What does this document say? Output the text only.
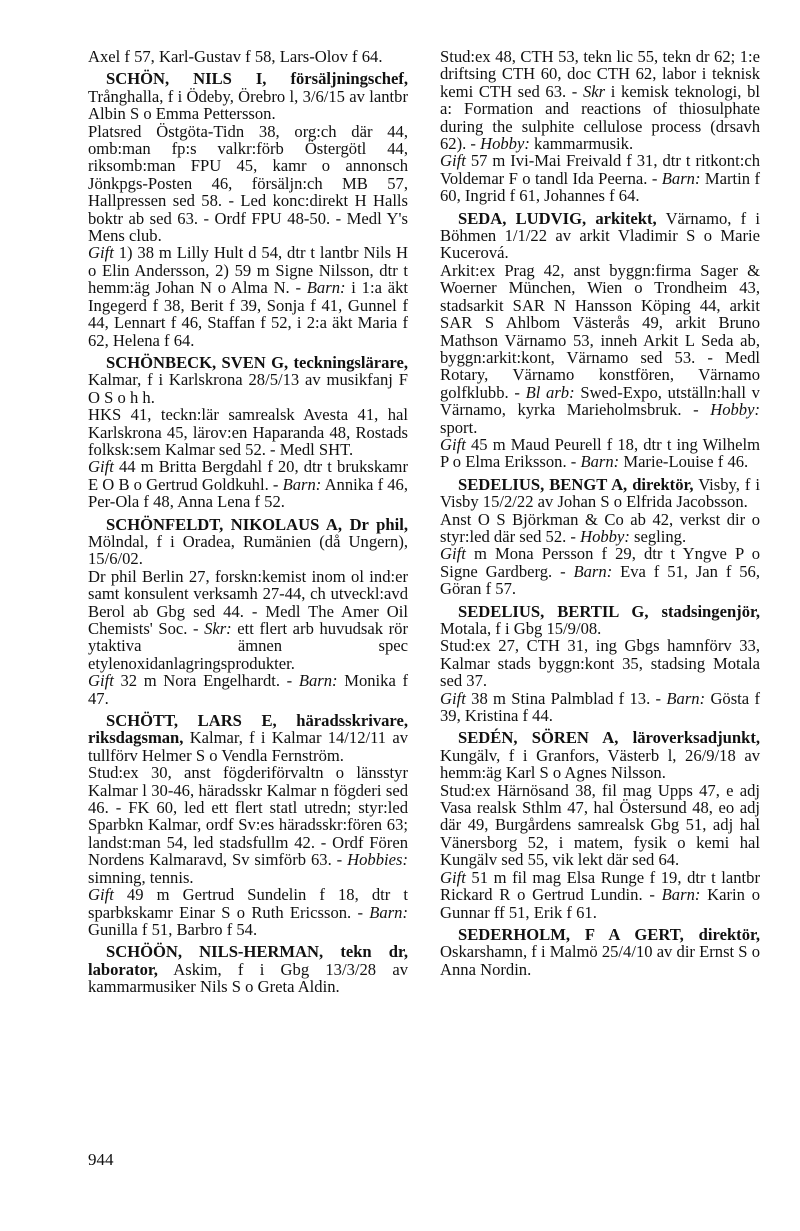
Axel f 57, Karl-Gustav f 58, Lars-Olov f 64.

SCHÖN, NILS I, försäljningschef, Trånghalla, f i Ödeby, Örebro l, 3/6/15 av lantbr Albin S o Emma Pettersson.

Platsred Östgöta-Tidn 38, org:ch där 44, omb:man fp:s valkr:förb Östergötl 44, riksomb:man FPU 45, kamr o annonsch Jönkpgs-Posten 46, försäljn:ch MB 57, Hallpressen sed 58. - Led konc:direkt H Halls boktr ab sed 63. - Ordf FPU 48-50. - Medl Y's Mens club.

Gift 1) 38 m Lilly Hult d 54, dtr t lantbr Nils H o Elin Andersson, 2) 59 m Signe Nilsson, dtr t hemm:äg Johan N o Alma N. - Barn: i 1:a äkt Ingegerd f 38, Berit f 39, Sonja f 41, Gunnel f 44, Lennart f 46, Staffan f 52, i 2:a äkt Maria f 62, Helena f 64.

SCHÖNBECK, SVEN G, teckningslärare, Kalmar, f i Karlskrona 28/5/13 av musikfanj F O S o h h.

HKS 41, teckn:lär samrealsk Avesta 41, hal Karlskrona 45, lärov:en Haparanda 48, Rostads folksk:sem Kalmar sed 52. - Medl SHT.

Gift 44 m Britta Bergdahl f 20, dtr t brukskamr E O B o Gertrud Goldkuhl. - Barn: Annika f 46, Per-Ola f 48, Anna Lena f 52.

SCHÖNFELDT, NIKOLAUS A, Dr phil, Mölndal, f i Oradea, Rumänien (då Ungern), 15/6/02.

Dr phil Berlin 27, forskn:kemist inom ol ind:er samt konsulent verksamh 27-44, ch utveckl:avd Berol ab Gbg sed 44. - Medl The Amer Oil Chemists' Soc. - Skr: ett flert arb huvudsak rör ytaktiva ämnen spec etylenoxidanlagringsprodukter.

Gift 32 m Nora Engelhardt. - Barn: Monika f 47.

SCHÖTT, LARS E, häradsskrivare, riksdagsman, Kalmar, f i Kalmar 14/12/11 av tullförv Helmer S o Vendla Fernström.

Stud:ex 30, anst fögderiförvaltn o länsstyr Kalmar l 30-46, häradsskr Kalmar n fögderi sed 46. - FK 60, led ett flert statl utredn; styr:led Sparbkn Kalmar, ordf Sv:es häradsskr:fören 63; landst:man 54, led stadsfullm 42. - Ordf Fören Nordens Kalmaravd, Sv simförb 63. - Hobbies: simning, tennis.

Gift 49 m Gertrud Sundelin f 18, dtr t sparbkskamr Einar S o Ruth Ericsson. - Barn: Gunilla f 51, Barbro f 54.

SCHÖÖN, NILS-HERMAN, tekn dr, laborator, Askim, f i Gbg 13/3/28 av kammarmusiker Nils S o Greta Aldin.

Stud:ex 48, CTH 53, tekn lic 55, tekn dr 62; 1:e driftsing CTH 60, doc CTH 62, labor i teknisk kemi CTH sed 63. - Skr i kemisk teknologi, bl a: Formation and reactions of thiosulphate during the sulphite cellulose process (drsavh 62). - Hobby: kammarmusik.

Gift 57 m Ivi-Mai Freivald f 31, dtr t ritkont:ch Voldemar F o tandl Ida Peerna. - Barn: Martin f 60, Ingrid f 61, Johannes f 64.

SEDA, LUDVIG, arkitekt, Värnamo, f i Böhmen 1/1/22 av arkit Vladimir S o Marie Kucerová.

Arkit:ex Prag 42, anst byggn:firma Sager & Woerner München, Wien o Trondheim 43, stadsarkit SAR N Hansson Köping 44, arkit SAR S Ahlbom Västerås 49, arkit Bruno Mathson Värnamo 53, inneh Arkit L Seda ab, byggn:arkit:kont, Värnamo sed 53. - Medl Rotary, Värnamo konstfören, Värnamo golfklubb. - Bl arb: Swed-Expo, utställn:hall v Värnamo, kyrka Marieholmsbruk. - Hobby: sport.

Gift 45 m Maud Peurell f 18, dtr t ing Wilhelm P o Elma Eriksson. - Barn: Marie-Louise f 46.

SEDELIUS, BENGT A, direktör, Visby, f i Visby 15/2/22 av Johan S o Elfrida Jacobsson.

Anst O S Björkman & Co ab 42, verkst dir o styr:led där sed 52. - Hobby: segling.

Gift m Mona Persson f 29, dtr t Yngve P o Signe Gardberg. - Barn: Eva f 51, Jan f 56, Göran f 57.

SEDELIUS, BERTIL G, stadsingenjör, Motala, f i Gbg 15/9/08.

Stud:ex 27, CTH 31, ing Gbgs hamnförv 33, Kalmar stads byggn:kont 35, stadsing Motala sed 37.

Gift 38 m Stina Palmblad f 13. - Barn: Gösta f 39, Kristina f 44.

SEDÉN, SÖREN A, läroverksadjunkt, Kungälv, f i Granfors, Västerb l, 26/9/18 av hemm:äg Karl S o Agnes Nilsson.

Stud:ex Härnösand 38, fil mag Upps 47, e adj Vasa realsk Sthlm 47, hal Östersund 48, eo adj där 49, Burgårdens samrealsk Gbg 51, adj hal Vänersborg 52, i matem, fysik o kemi hal Kungälv sed 55, vik lekt där sed 64.

Gift 51 m fil mag Elsa Runge f 19, dtr t lantbr Rickard R o Gertrud Lundin. - Barn: Karin o Gunnar ff 51, Erik f 61.

SEDERHOLM, F A GERT, direktör, Oskarshamn, f i Malmö 25/4/10 av dir Ernst S o Anna Nordin.

944
